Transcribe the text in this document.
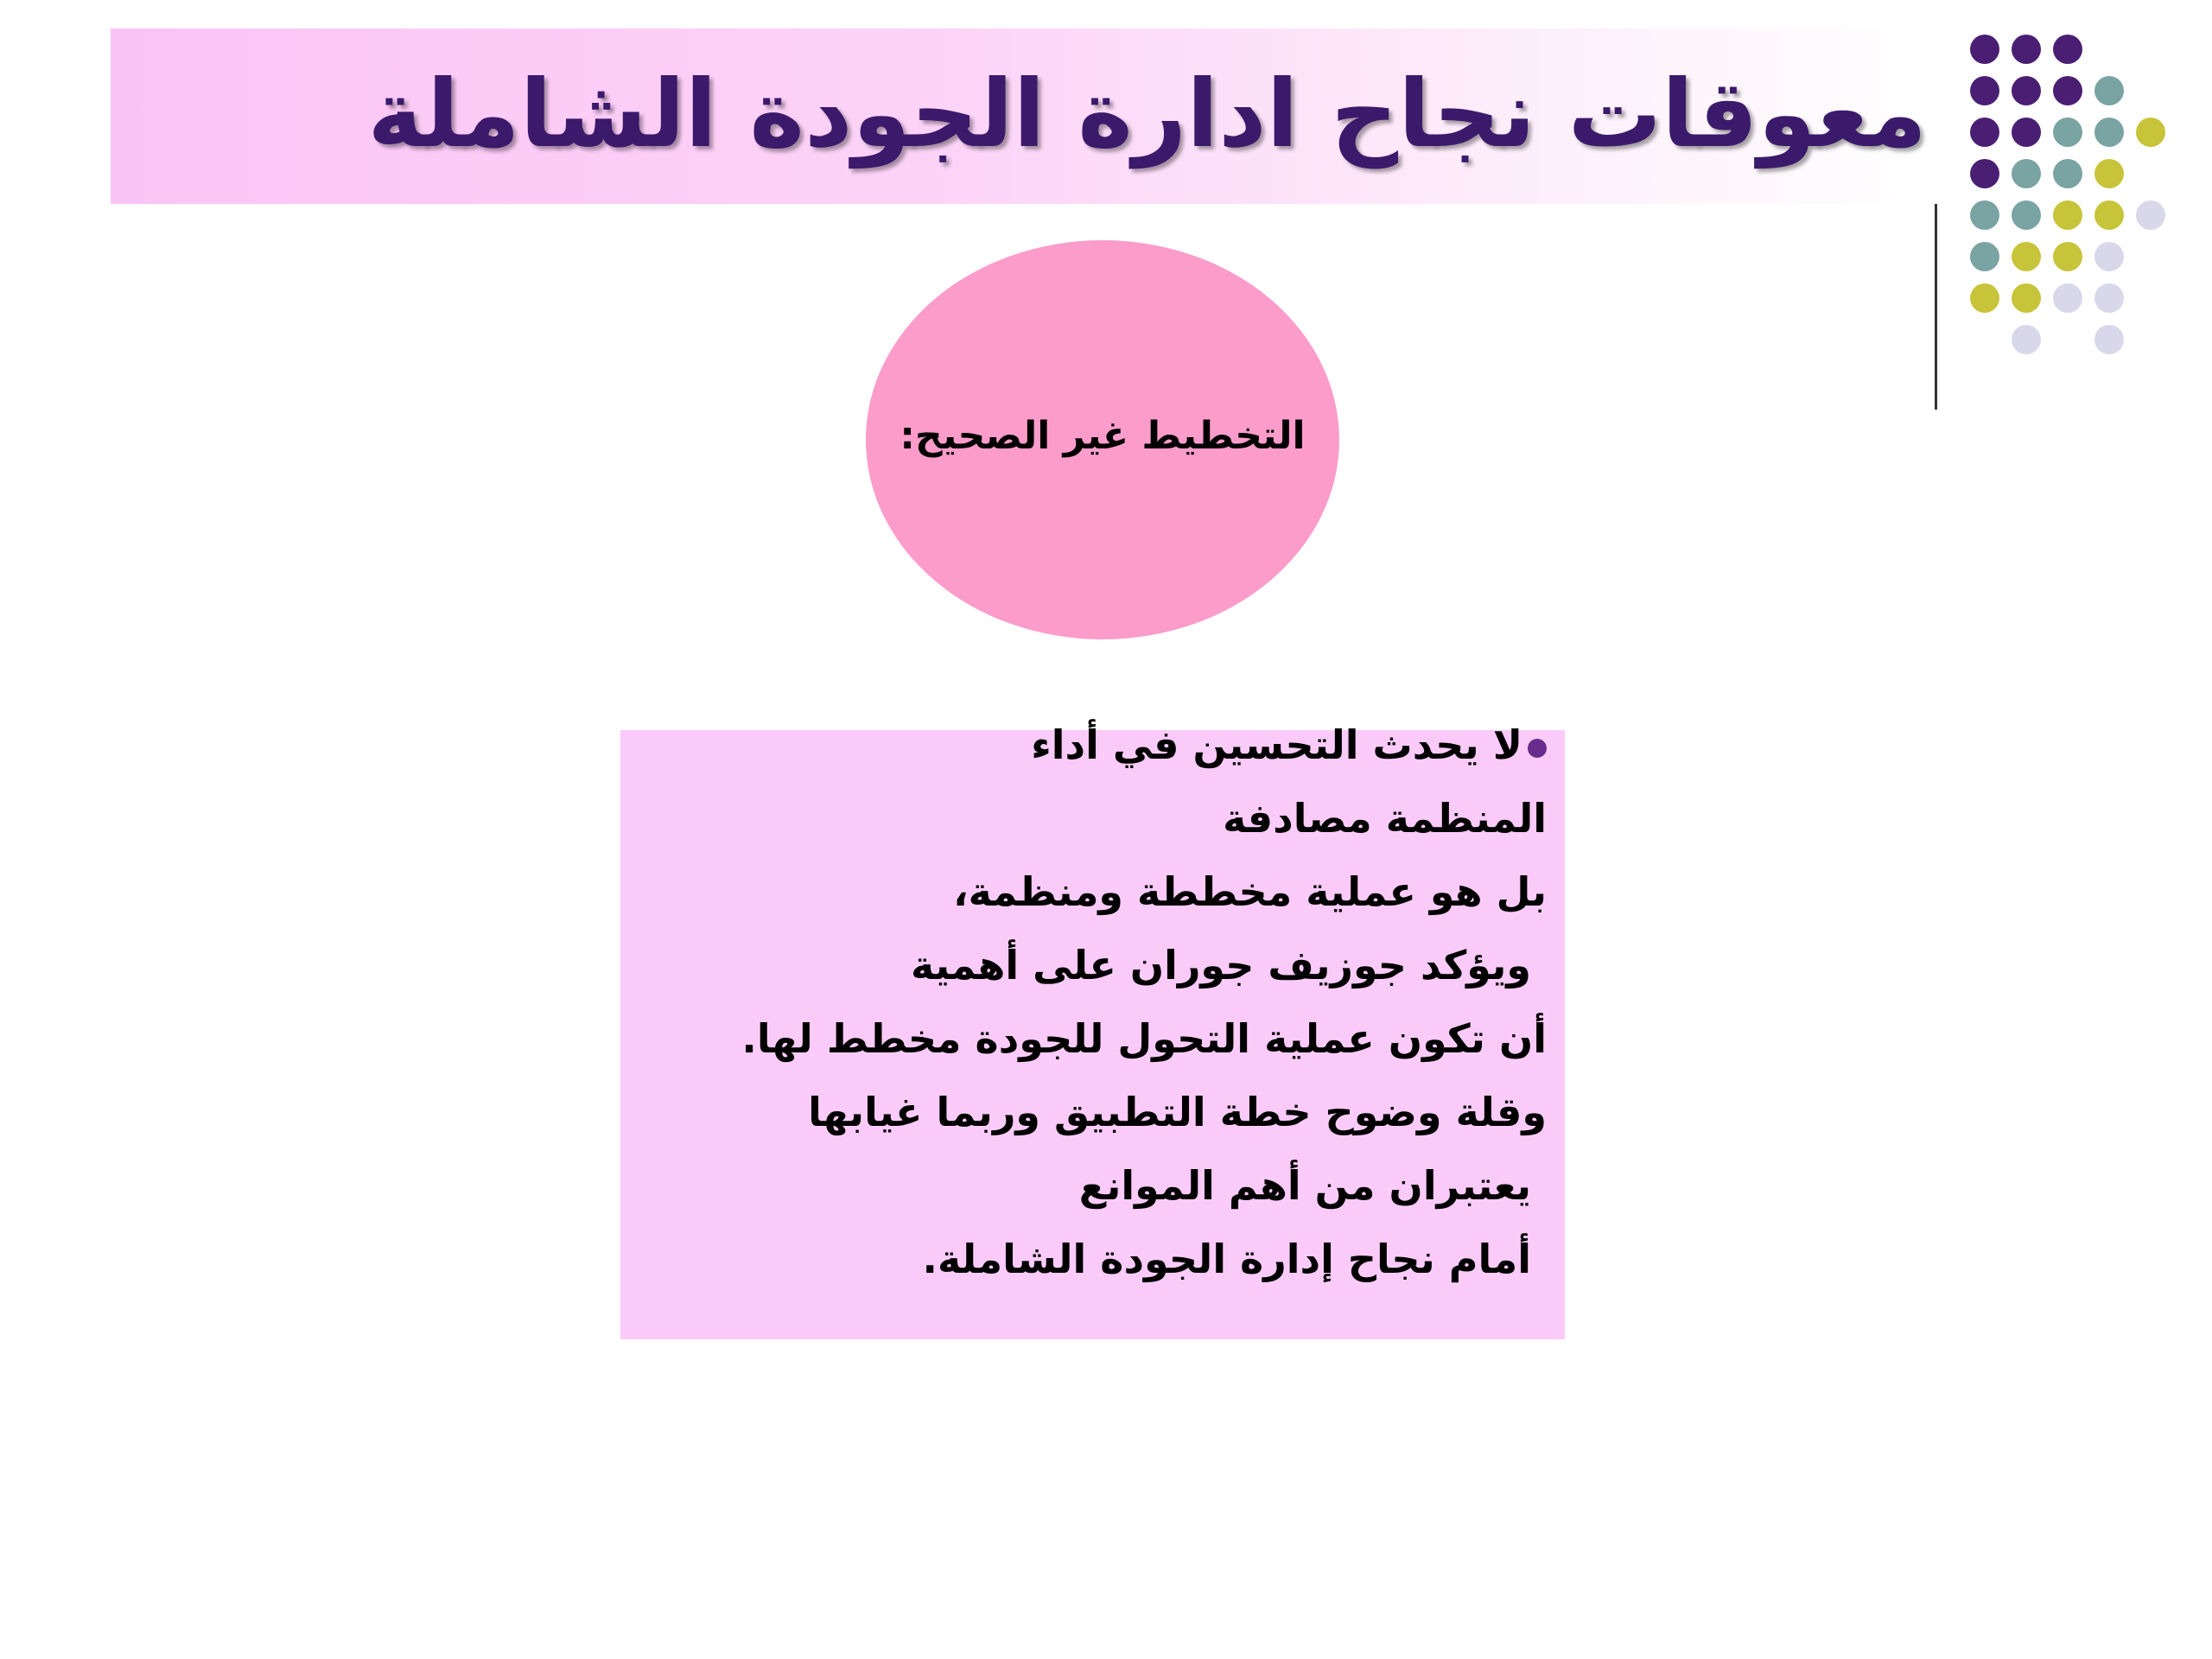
معوقات نجاح ادارة الجودة الشاملة
التخطيط غير الصحيح:
لا يحدث التحسين في أداء
المنظمة مصادفة
بل هو عملية مخططة ومنظمة،
ويؤكد جوزيف جوران على أهمية
أن تكون عملية التحول للجودة مخطط لها.
وقلة وضوح خطة التطبيق وربما غيابها
يعتبران من أهم الموانع
أمام نجاح إدارة الجودة الشاملة.
